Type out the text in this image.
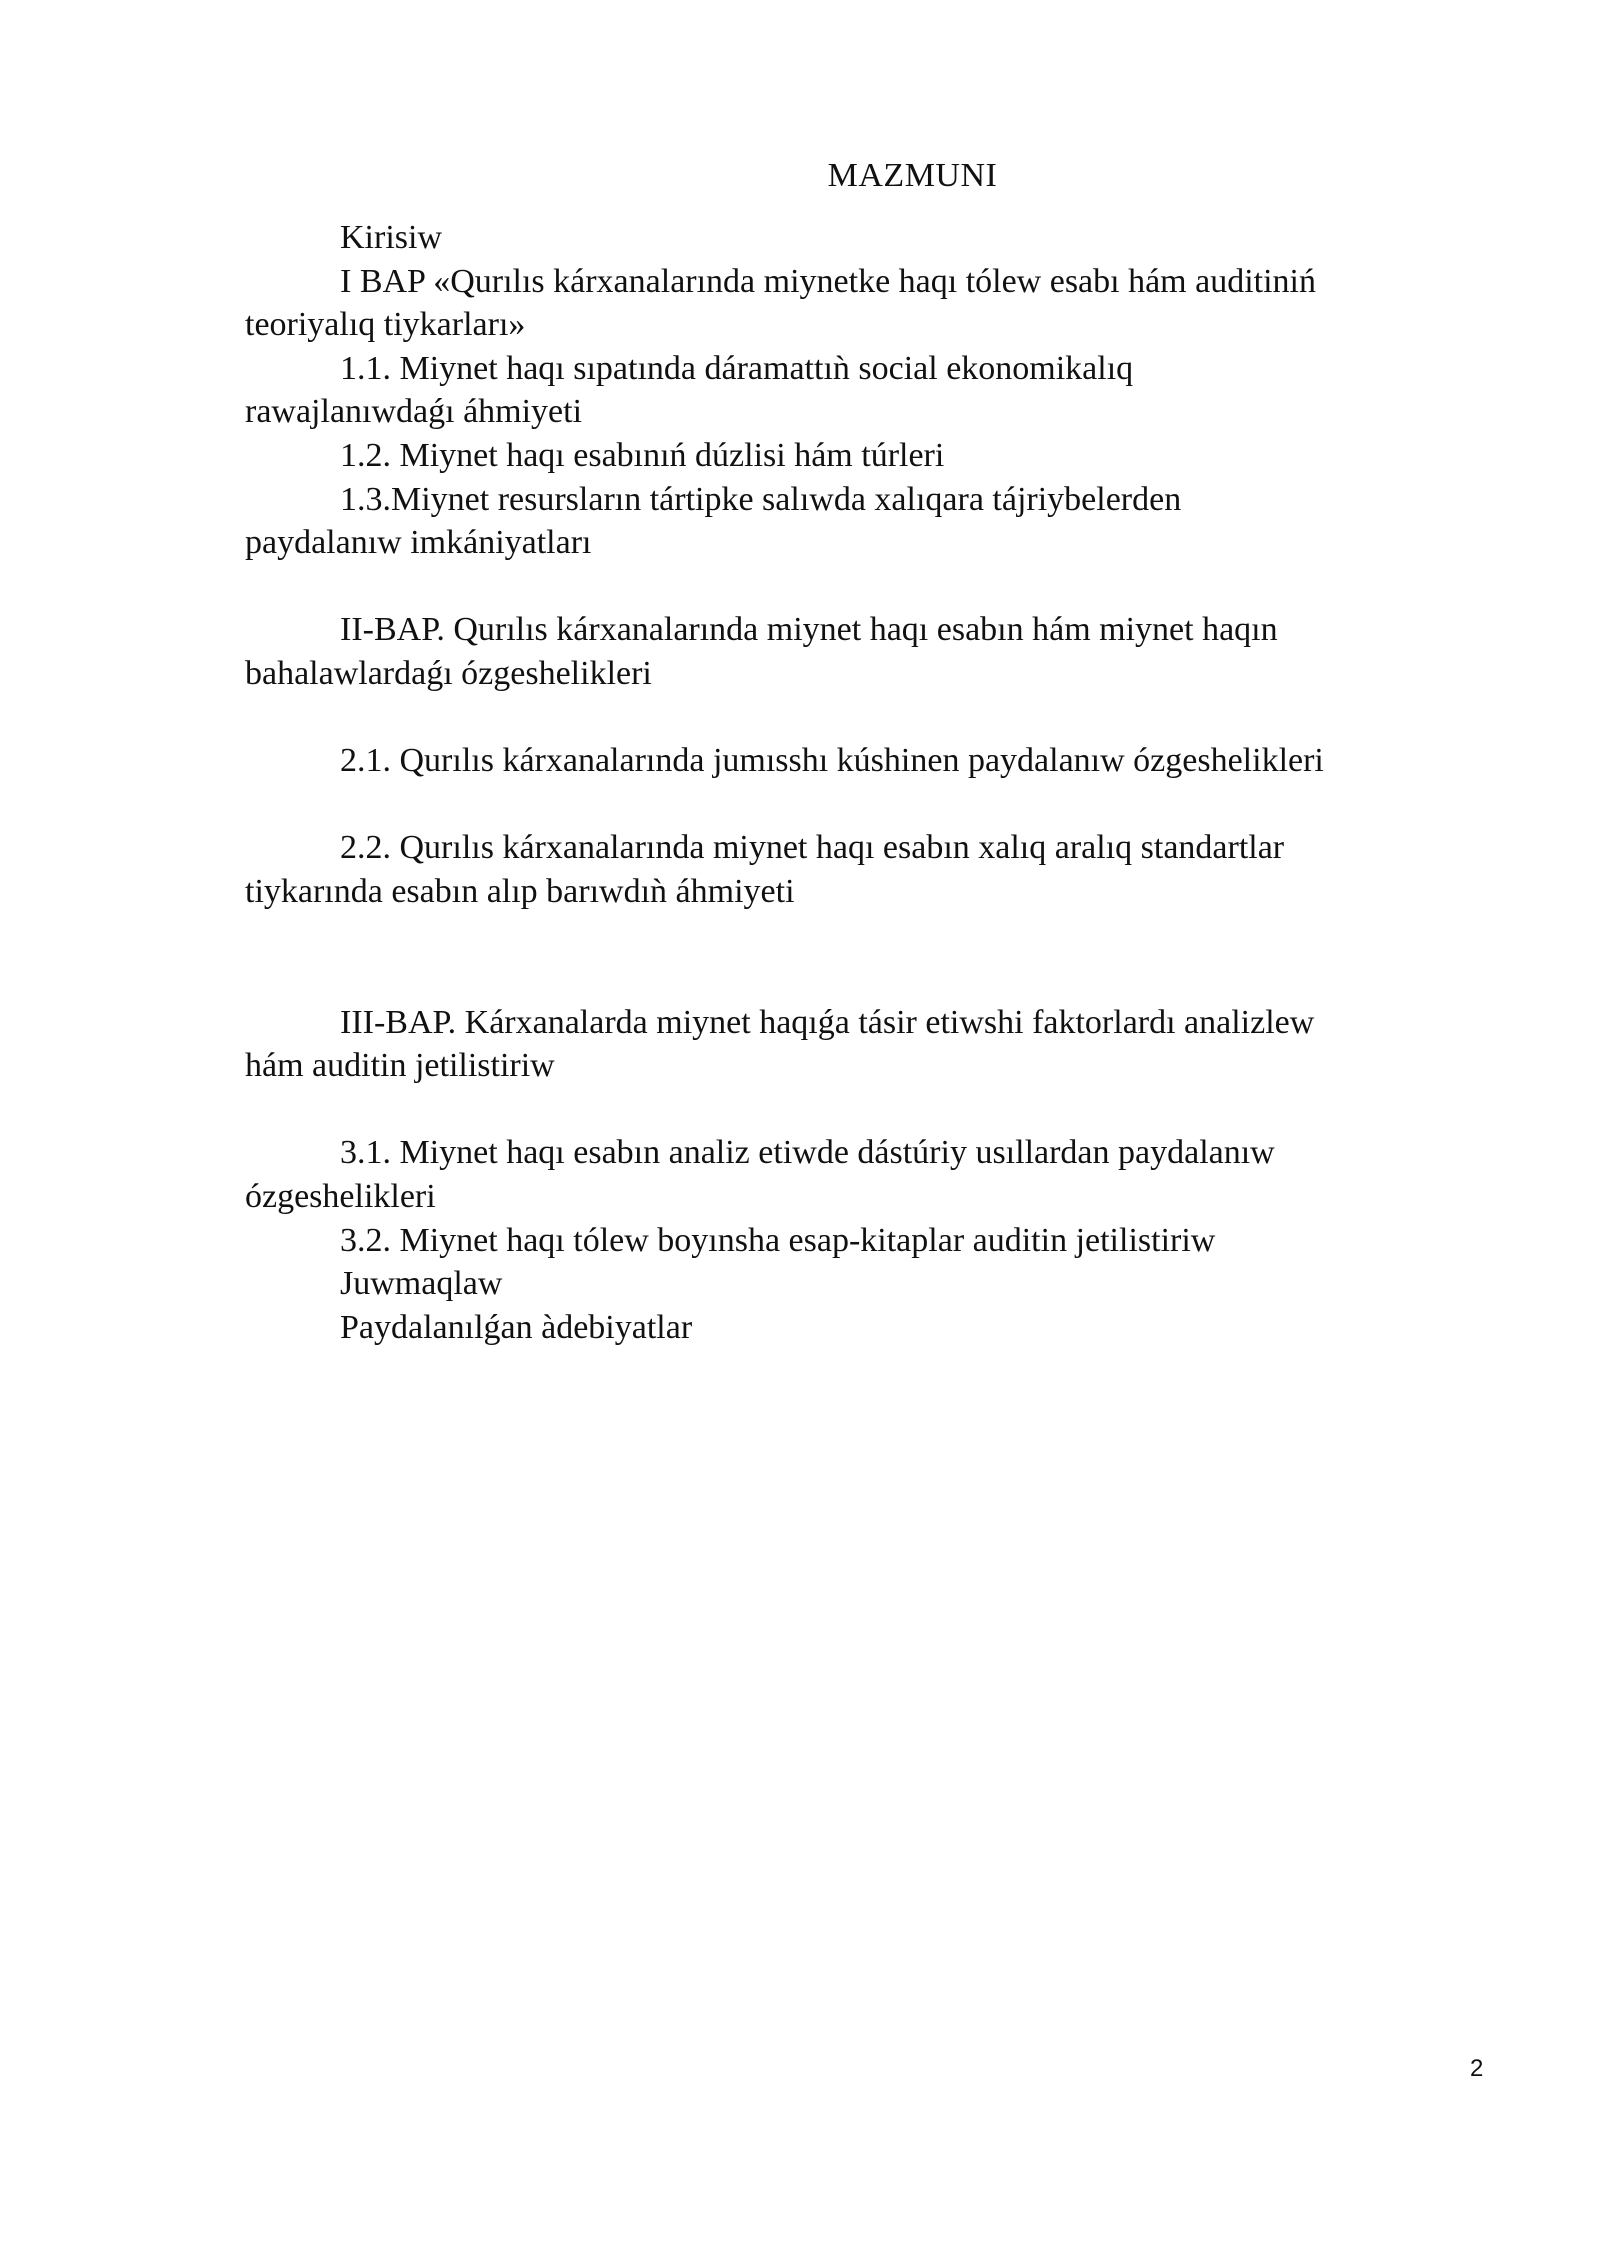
MAZMUNI

Kirisiw

I BAP «Qurılıs kárxanalarında miynetke haqı tólew esabı hám auditiniń teoriyalıq tiykarları»

1.1. Miynet haqı sıpatında dáramattıǹ social ekonomikalıq rawajlanıwdaǵı áhmiyeti

1.2. Miynet haqı esabınıń dúzlisi hám túrleri

1.3.Miynet resursların tártipke salıwda xalıqara tájriybelerden paydalanıw imkániyatları

II-BAP. Qurılıs kárxanalarında miynet haqı esabın hám miynet haqın bahalawlardaǵı ózgeshelikleri

2.1. Qurılıs kárxanalarında jumısshı kúshinen paydalanıw ózgeshelikleri

2.2. Qurılıs kárxanalarında miynet haqı esabın xalıq aralıq standartlar tiykarında esabın alıp barıwdıǹ áhmiyeti

III-BAP. Kárxanalarda miynet haqıǵa tásir etiwshi faktorlardı analizlew hám auditin jetilistiriw

3.1. Miynet haqı esabın analiz etiwde dástúriy usıllardan paydalanıw ózgeshelikleri

3.2. Miynet haqı tólew boyınsha esap-kitaplar auditin jetilistiriw

Juwmaqlaw

Paydalanılǵan àdebiyatlar

2
